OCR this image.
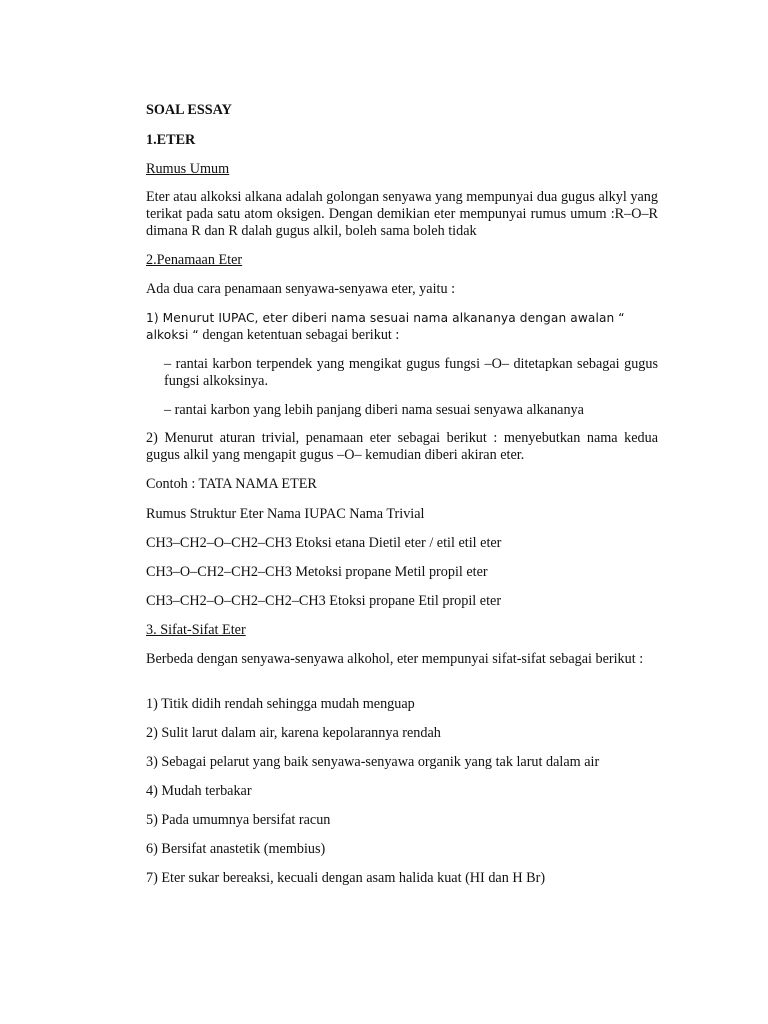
SOAL ESSAY

1.ETER

Rumus Umum

Eter atau alkoksi alkana adalah golongan senyawa yang mempunyai dua gugus alkyl yang terikat pada satu atom oksigen. Dengan demikian eter mempunyai rumus umum :R–O–R dimana R dan R dalah gugus alkil, boleh sama boleh tidak

2.Penamaan Eter

Ada dua cara penamaan senyawa-senyawa eter, yaitu :

1) Menurut IUPAC, eter diberi nama sesuai nama alkananya dengan awalan “
alkoksi “ dengan ketentuan sebagai berikut :

– rantai karbon terpendek yang mengikat gugus fungsi –O– ditetapkan sebagai gugus fungsi alkoksinya.

– rantai karbon yang lebih panjang diberi nama sesuai senyawa alkananya

2) Menurut aturan trivial, penamaan eter sebagai berikut : menyebutkan nama kedua gugus alkil yang mengapit gugus –O– kemudian diberi akiran eter.

Contoh : TATA NAMA ETER

Rumus Struktur Eter Nama IUPAC Nama Trivial

CH3–CH2–O–CH2–CH3 Etoksi etana Dietil eter / etil etil eter

CH3–O–CH2–CH2–CH3 Metoksi propane Metil propil eter

CH3–CH2–O–CH2–CH2–CH3 Etoksi propane Etil propil eter

3. Sifat-Sifat Eter

Berbeda dengan senyawa-senyawa alkohol, eter mempunyai sifat-sifat sebagai berikut :

1) Titik didih rendah sehingga mudah menguap

2) Sulit larut dalam air, karena kepolarannya rendah

3) Sebagai pelarut yang baik senyawa-senyawa organik yang tak larut dalam air

4) Mudah terbakar

5) Pada umumnya bersifat racun

6) Bersifat anastetik (membius)

7) Eter sukar bereaksi, kecuali dengan asam halida kuat (HI dan H Br)
